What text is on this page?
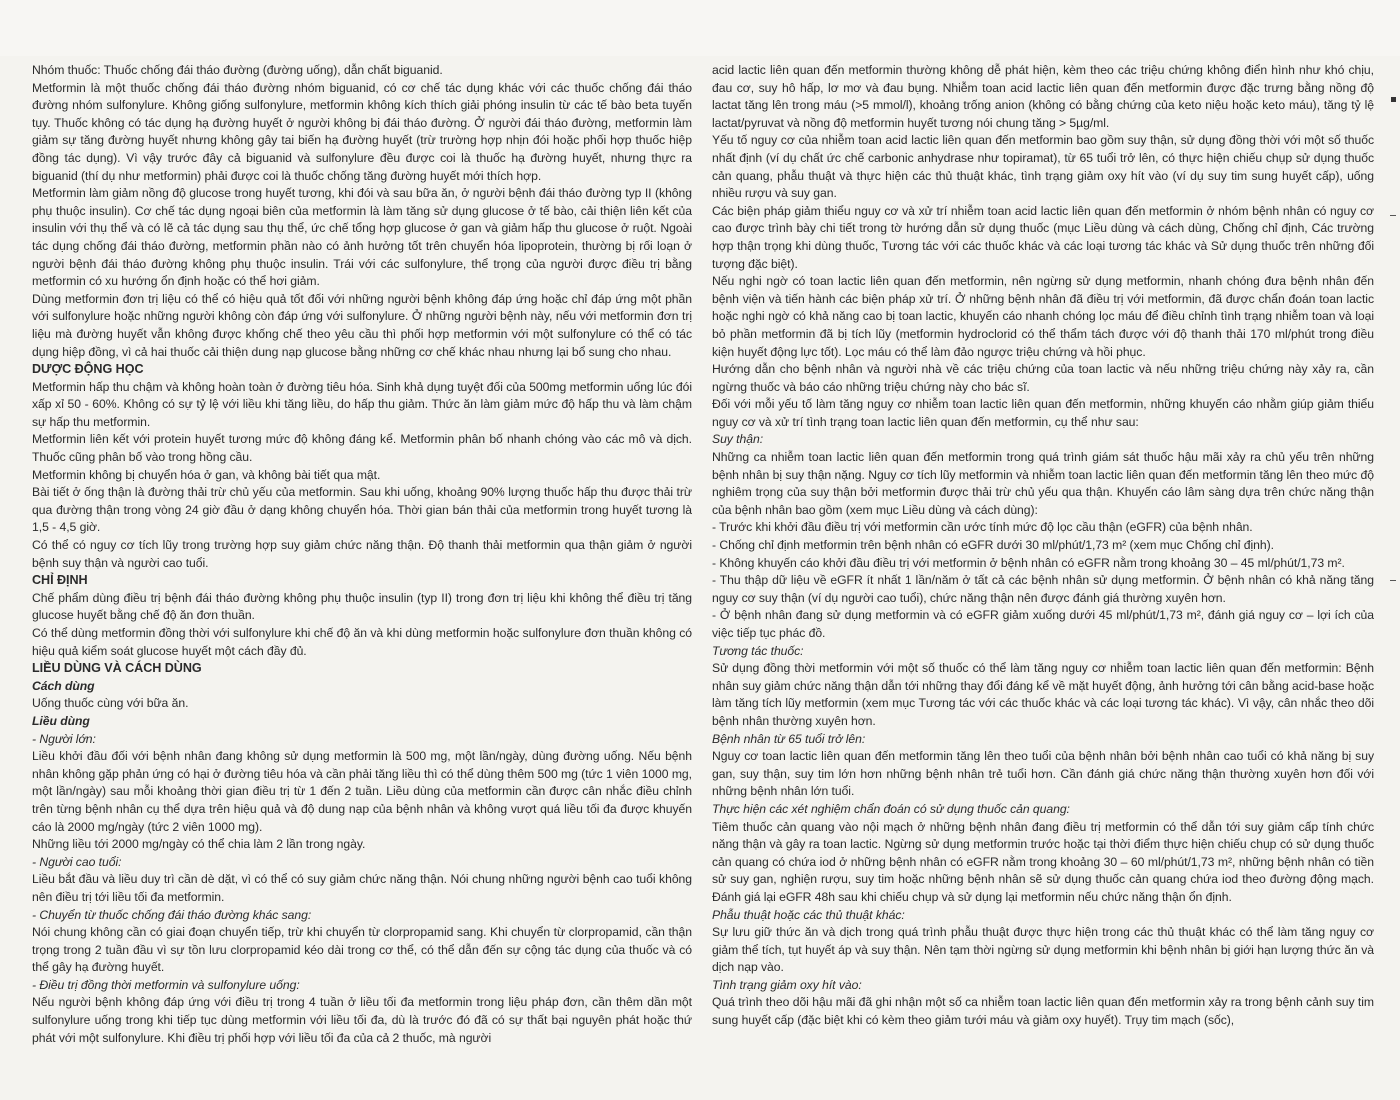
Nhóm thuốc: Thuốc chống đái tháo đường (đường uống), dẫn chất biguanid.

Metformin là một thuốc chống đái tháo đường nhóm biguanid, có cơ chế tác dụng khác với các thuốc chống đái tháo đường nhóm sulfonylure. Không giống sulfonylure, metformin không kích thích giải phóng insulin từ các tế bào beta tuyến tụy. Thuốc không có tác dụng hạ đường huyết ở người không bị đái tháo đường. Ở người đái tháo đường, metformin làm giảm sự tăng đường huyết nhưng không gây tai biến hạ đường huyết (trừ trường hợp nhịn đói hoặc phối hợp thuốc hiệp đồng tác dụng). Vì vậy trước đây cả biguanid và sulfonylure đều được coi là thuốc hạ đường huyết, nhưng thực ra biguanid (thí dụ như metformin) phải được coi là thuốc chống tăng đường huyết mới thích hợp.

Metformin làm giảm nồng độ glucose trong huyết tương, khi đói và sau bữa ăn, ở người bệnh đái tháo đường typ II (không phụ thuộc insulin). Cơ chế tác dụng ngoại biên của metformin là làm tăng sử dụng glucose ở tế bào, cải thiện liên kết của insulin với thụ thể và có lẽ cả tác dụng sau thụ thể, ức chế tổng hợp glucose ở gan và giảm hấp thu glucose ở ruột. Ngoài tác dụng chống đái tháo đường, metformin phần nào có ảnh hưởng tốt trên chuyển hóa lipoprotein, thường bị rối loạn ở người bệnh đái tháo đường không phụ thuộc insulin. Trái với các sulfonylure, thể trọng của người được điều trị bằng metformin có xu hướng ổn định hoặc có thể hơi giảm.

Dùng metformin đơn trị liệu có thể có hiệu quả tốt đối với những người bệnh không đáp ứng hoặc chỉ đáp ứng một phần với sulfonylure hoặc những người không còn đáp ứng với sulfonylure. Ở những người bệnh này, nếu với metformin đơn trị liệu mà đường huyết vẫn không được khống chế theo yêu cầu thì phối hợp metformin với một sulfonylure có thể có tác dụng hiệp đồng, vì cả hai thuốc cải thiện dung nạp glucose bằng những cơ chế khác nhau nhưng lại bổ sung cho nhau.

DƯỢC ĐỘNG HỌC

Metformin hấp thu chậm và không hoàn toàn ở đường tiêu hóa. Sinh khả dụng tuyệt đối của 500mg metformin uống lúc đói xấp xỉ 50 - 60%. Không có sự tỷ lệ với liều khi tăng liều, do hấp thu giảm. Thức ăn làm giảm mức độ hấp thu và làm chậm sự hấp thu metformin.

Metformin liên kết với protein huyết tương mức độ không đáng kể. Metformin phân bố nhanh chóng vào các mô và dịch. Thuốc cũng phân bố vào trong hồng cầu.

Metformin không bị chuyển hóa ở gan, và không bài tiết qua mật.

Bài tiết ở ống thận là đường thải trừ chủ yếu của metformin. Sau khi uống, khoảng 90% lượng thuốc hấp thu được thải trừ qua đường thận trong vòng 24 giờ đầu ở dạng không chuyển hóa. Thời gian bán thải của metformin trong huyết tương là 1,5 - 4,5 giờ.

Có thể có nguy cơ tích lũy trong trường hợp suy giảm chức năng thận. Độ thanh thải metformin qua thận giảm ở người bệnh suy thận và người cao tuổi.

CHỈ ĐỊNH

Chế phẩm dùng điều trị bệnh đái tháo đường không phụ thuộc insulin (typ II) trong đơn trị liệu khi không thể điều trị tăng glucose huyết bằng chế độ ăn đơn thuần.

Có thể dùng metformin đồng thời với sulfonylure khi chế độ ăn và khi dùng metformin hoặc sulfonylure đơn thuần không có hiệu quả kiểm soát glucose huyết một cách đầy đủ.

LIỀU DÙNG VÀ CÁCH DÙNG

Cách dùng

Uống thuốc cùng với bữa ăn.

Liều dùng

- Người lớn:

Liều khởi đầu đối với bệnh nhân đang không sử dụng metformin là 500 mg, một lần/ngày, dùng đường uống. Nếu bệnh nhân không gặp phản ứng có hại ở đường tiêu hóa và cần phải tăng liều thì có thể dùng thêm 500 mg (tức 1 viên 1000 mg, một lần/ngày) sau mỗi khoảng thời gian điều trị từ 1 đến 2 tuần. Liều dùng của metformin cần được cân nhắc điều chỉnh trên từng bệnh nhân cụ thể dựa trên hiệu quả và độ dung nạp của bệnh nhân và không vượt quá liều tối đa được khuyến cáo là 2000 mg/ngày (tức 2 viên 1000 mg).

Những liều tới 2000 mg/ngày có thể chia làm 2 lần trong ngày.

- Người cao tuổi:

Liều bắt đầu và liều duy trì cần dè dặt, vì có thể có suy giảm chức năng thận. Nói chung những người bệnh cao tuổi không nên điều trị tới liều tối đa metformin.

- Chuyển từ thuốc chống đái tháo đường khác sang:

Nói chung không cần có giai đoạn chuyển tiếp, trừ khi chuyển từ clorpropamid sang. Khi chuyển từ clorpropamid, cần thận trọng trong 2 tuần đầu vì sự tồn lưu clorpropamid kéo dài trong cơ thể, có thể dẫn đến sự cộng tác dụng của thuốc và có thể gây hạ đường huyết.

- Điều trị đồng thời metformin và sulfonylure uống:

Nếu người bệnh không đáp ứng với điều trị trong 4 tuần ở liều tối đa metformin trong liệu pháp đơn, cần thêm dần một sulfonylure uống trong khi tiếp tục dùng metformin với liều tối đa, dù là trước đó đã có sự thất bại nguyên phát hoặc thứ phát với một sulfonylure. Khi điều trị phối hợp với liều tối đa của cả 2 thuốc, mà người

acid lactic liên quan đến metformin thường không dễ phát hiện, kèm theo các triệu chứng không điển hình như khó chịu, đau cơ, suy hô hấp, lơ mơ và đau bụng. Nhiễm toan acid lactic liên quan đến metformin được đặc trưng bằng nồng độ lactat tăng lên trong máu (>5 mmol/l), khoảng trống anion (không có bằng chứng của keto niệu hoặc keto máu), tăng tỷ lệ lactat/pyruvat và nồng độ metformin huyết tương nói chung tăng > 5µg/ml.

Yếu tố nguy cơ của nhiễm toan acid lactic liên quan đến metformin bao gồm suy thận, sử dụng đồng thời với một số thuốc nhất định (ví dụ chất ức chế carbonic anhydrase như topiramat), từ 65 tuổi trở lên, có thực hiện chiếu chụp sử dụng thuốc cản quang, phẫu thuật và thực hiện các thủ thuật khác, tình trạng giảm oxy hít vào (ví dụ suy tim sung huyết cấp), uống nhiều rượu và suy gan.

Các biện pháp giảm thiểu nguy cơ và xử trí nhiễm toan acid lactic liên quan đến metformin ở nhóm bệnh nhân có nguy cơ cao được trình bày chi tiết trong tờ hướng dẫn sử dụng thuốc (mục Liều dùng và cách dùng, Chống chỉ định, Các trường hợp thận trọng khi dùng thuốc, Tương tác với các thuốc khác và các loại tương tác khác và Sử dụng thuốc trên những đối tượng đặc biệt).

Nếu nghi ngờ có toan lactic liên quan đến metformin, nên ngừng sử dụng metformin, nhanh chóng đưa bệnh nhân đến bệnh viện và tiến hành các biện pháp xử trí. Ở những bệnh nhân đã điều trị với metformin, đã được chẩn đoán toan lactic hoặc nghi ngờ có khả năng cao bị toan lactic, khuyến cáo nhanh chóng lọc máu để điều chỉnh tình trạng nhiễm toan và loại bỏ phần metformin đã bị tích lũy (metformin hydroclorid có thể thẩm tách được với độ thanh thải 170 ml/phút trong điều kiện huyết động lực tốt). Lọc máu có thể làm đảo ngược triệu chứng và hồi phục.

Hướng dẫn cho bệnh nhân và người nhà về các triệu chứng của toan lactic và nếu những triệu chứng này xảy ra, cần ngừng thuốc và báo cáo những triệu chứng này cho bác sĩ.

Đối với mỗi yếu tố làm tăng nguy cơ nhiễm toan lactic liên quan đến metformin, những khuyến cáo nhằm giúp giảm thiểu nguy cơ và xử trí tình trạng toan lactic liên quan đến metformin, cụ thể như sau:

Suy thận:

Những ca nhiễm toan lactic liên quan đến metformin trong quá trình giám sát thuốc hậu mãi xảy ra chủ yếu trên những bệnh nhân bị suy thận nặng. Nguy cơ tích lũy metformin và nhiễm toan lactic liên quan đến metformin tăng lên theo mức độ nghiêm trọng của suy thận bởi metformin được thải trừ chủ yếu qua thận. Khuyến cáo lâm sàng dựa trên chức năng thận của bệnh nhân bao gồm (xem mục Liều dùng và cách dùng):

- Trước khi khởi đầu điều trị với metformin cần ước tính mức độ lọc cầu thận (eGFR) của bệnh nhân.

- Chống chỉ định metformin trên bệnh nhân có eGFR dưới 30 ml/phút/1,73 m² (xem mục Chống chỉ định).

- Không khuyến cáo khởi đầu điều trị với metformin ở bệnh nhân có eGFR nằm trong khoảng 30 – 45 ml/phút/1,73 m².

- Thu thập dữ liệu về eGFR ít nhất 1 lần/năm ở tất cả các bệnh nhân sử dụng metformin. Ở bệnh nhân có khả năng tăng nguy cơ suy thận (ví dụ người cao tuổi), chức năng thận nên được đánh giá thường xuyên hơn.

- Ở bệnh nhân đang sử dụng metformin và có eGFR giảm xuống dưới 45 ml/phút/1,73 m², đánh giá nguy cơ – lợi ích của việc tiếp tục phác đồ.

Tương tác thuốc:

Sử dụng đồng thời metformin với một số thuốc có thể làm tăng nguy cơ nhiễm toan lactic liên quan đến metformin: Bệnh nhân suy giảm chức năng thận dẫn tới những thay đổi đáng kể về mặt huyết động, ảnh hưởng tới cân bằng acid-base hoặc làm tăng tích lũy metformin (xem mục Tương tác với các thuốc khác và các loại tương tác khác). Vì vậy, cân nhắc theo dõi bệnh nhân thường xuyên hơn.

Bệnh nhân từ 65 tuổi trở lên:

Nguy cơ toan lactic liên quan đến metformin tăng lên theo tuổi của bệnh nhân bởi bệnh nhân cao tuổi có khả năng bị suy gan, suy thận, suy tim lớn hơn những bệnh nhân trẻ tuổi hơn. Cần đánh giá chức năng thận thường xuyên hơn đối với những bệnh nhân lớn tuổi.

Thực hiện các xét nghiệm chẩn đoán có sử dụng thuốc cản quang:

Tiêm thuốc cản quang vào nội mạch ở những bệnh nhân đang điều trị metformin có thể dẫn tới suy giảm cấp tính chức năng thận và gây ra toan lactic. Ngừng sử dụng metformin trước hoặc tại thời điểm thực hiện chiếu chụp có sử dụng thuốc cản quang có chứa iod ở những bệnh nhân có eGFR nằm trong khoảng 30 – 60 ml/phút/1,73 m², những bệnh nhân có tiền sử suy gan, nghiện rượu, suy tim hoặc những bệnh nhân sẽ sử dụng thuốc cản quang chứa iod theo đường động mạch. Đánh giá lại eGFR 48h sau khi chiếu chụp và sử dụng lại metformin nếu chức năng thận ổn định.

Phẫu thuật hoặc các thủ thuật khác:

Sự lưu giữ thức ăn và dịch trong quá trình phẫu thuật được thực hiện trong các thủ thuật khác có thể làm tăng nguy cơ giảm thể tích, tụt huyết áp và suy thận. Nên tạm thời ngừng sử dụng metformin khi bệnh nhân bị giới hạn lượng thức ăn và dịch nạp vào.

Tình trạng giảm oxy hít vào:

Quá trình theo dõi hậu mãi đã ghi nhận một số ca nhiễm toan lactic liên quan đến metformin xảy ra trong bệnh cảnh suy tim sung huyết cấp (đặc biệt khi có kèm theo giảm tưới máu và giảm oxy huyết). Trụy tim mạch (sốc),
